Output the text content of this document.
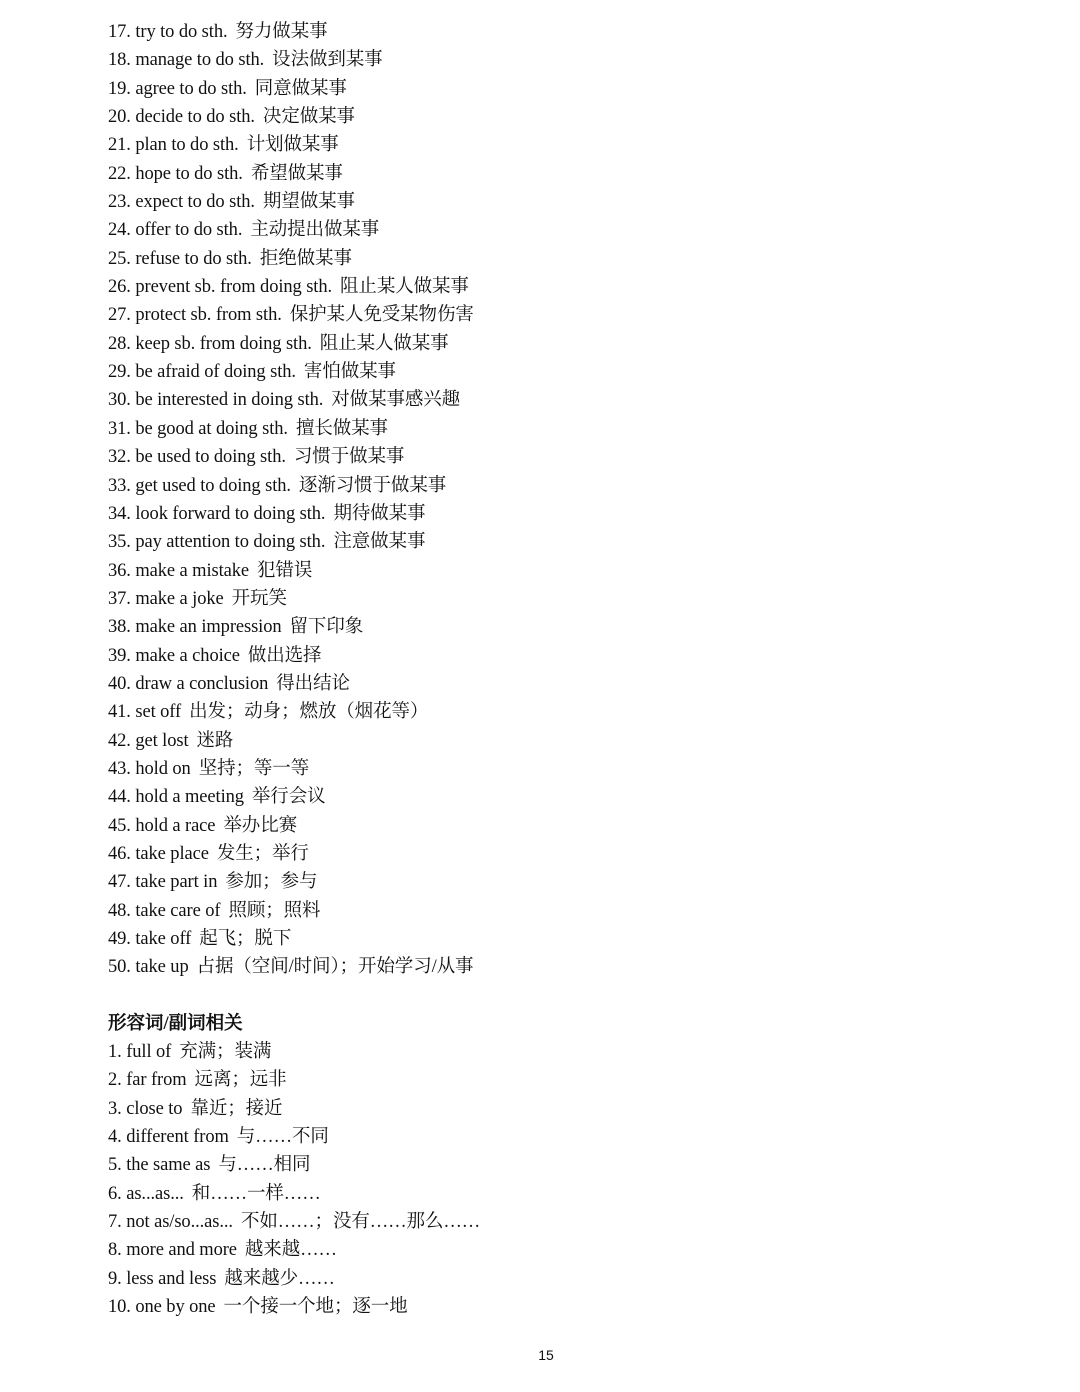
17. try to do sth. 努力做某事
18. manage to do sth. 设法做到某事
19. agree to do sth. 同意做某事
20. decide to do sth. 决定做某事
21. plan to do sth. 计划做某事
22. hope to do sth. 希望做某事
23. expect to do sth. 期望做某事
24. offer to do sth. 主动提出做某事
25. refuse to do sth. 拒绝做某事
26. prevent sb. from doing sth. 阻止某人做某事
27. protect sb. from sth. 保护某人免受某物伤害
28. keep sb. from doing sth. 阻止某人做某事
29. be afraid of doing sth. 害怕做某事
30. be interested in doing sth. 对做某事感兴趣
31. be good at doing sth. 擅长做某事
32. be used to doing sth. 习惯于做某事
33. get used to doing sth. 逐渐习惯于做某事
34. look forward to doing sth. 期待做某事
35. pay attention to doing sth. 注意做某事
36. make a mistake 犯错误
37. make a joke 开玩笑
38. make an impression 留下印象
39. make a choice 做出选择
40. draw a conclusion 得出结论
41. set off 出发；动身；燃放（烟花等）
42. get lost 迷路
43. hold on 坚持；等一等
44. hold a meeting 举行会议
45. hold a race 举办比赛
46. take place 发生；举行
47. take part in 参加；参与
48. take care of 照顾；照料
49. take off 起飞；脱下
50. take up 占据（空间/时间）；开始学习/从事
形容词/副词相关
1. full of 充满；装满
2. far from 远离；远非
3. close to 靠近；接近
4. different from 与……不同
5. the same as 与……相同
6. as...as... 和……一样……
7. not as/so...as... 不如……；没有……那么……
8. more and more 越来越……
9. less and less 越来越少……
10. one by one 一个接一个地；逐一地
15
